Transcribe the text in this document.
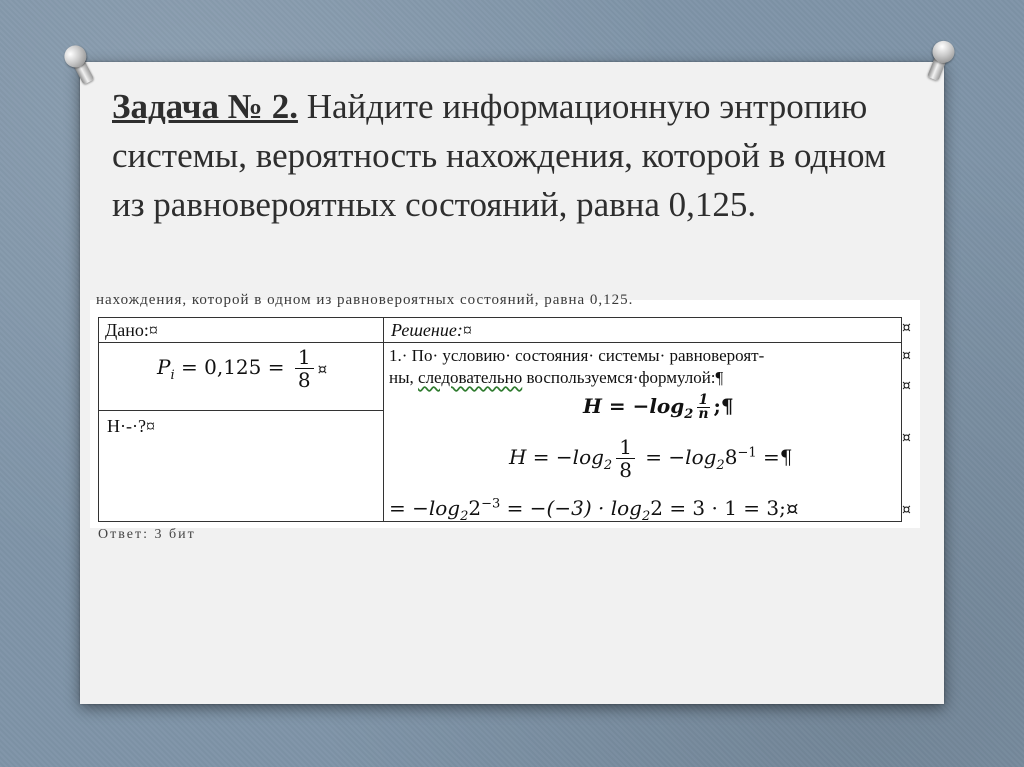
Задача № 2. Найдите информационную энтропию системы, вероятность нахождения, которой в одном из равновероятных состояний, равна 0,125.

нахождения, которой в одном из равновероятных состояний, равна 0,125.
Дано:¤	Решение:¤
$P_i = 0,125 = \frac{1}{8}$ ¤
H·-·?¤
1.· По· условию· состояния· системы· равновероят-
ны, следовательно воспользуемся·формулой:¶
$H = -\log_2 \frac{1}{n}$ ;¶
$H = -\log_2 \frac{1}{8} = -\log_28^{-1}$ =¶
= $-\log_22^{-3} = -(-3) \cdot \log_22 = 3 \cdot 1$ = 3;¤
¤
¤
¤
¤
¤
Ответ: 3 бит
